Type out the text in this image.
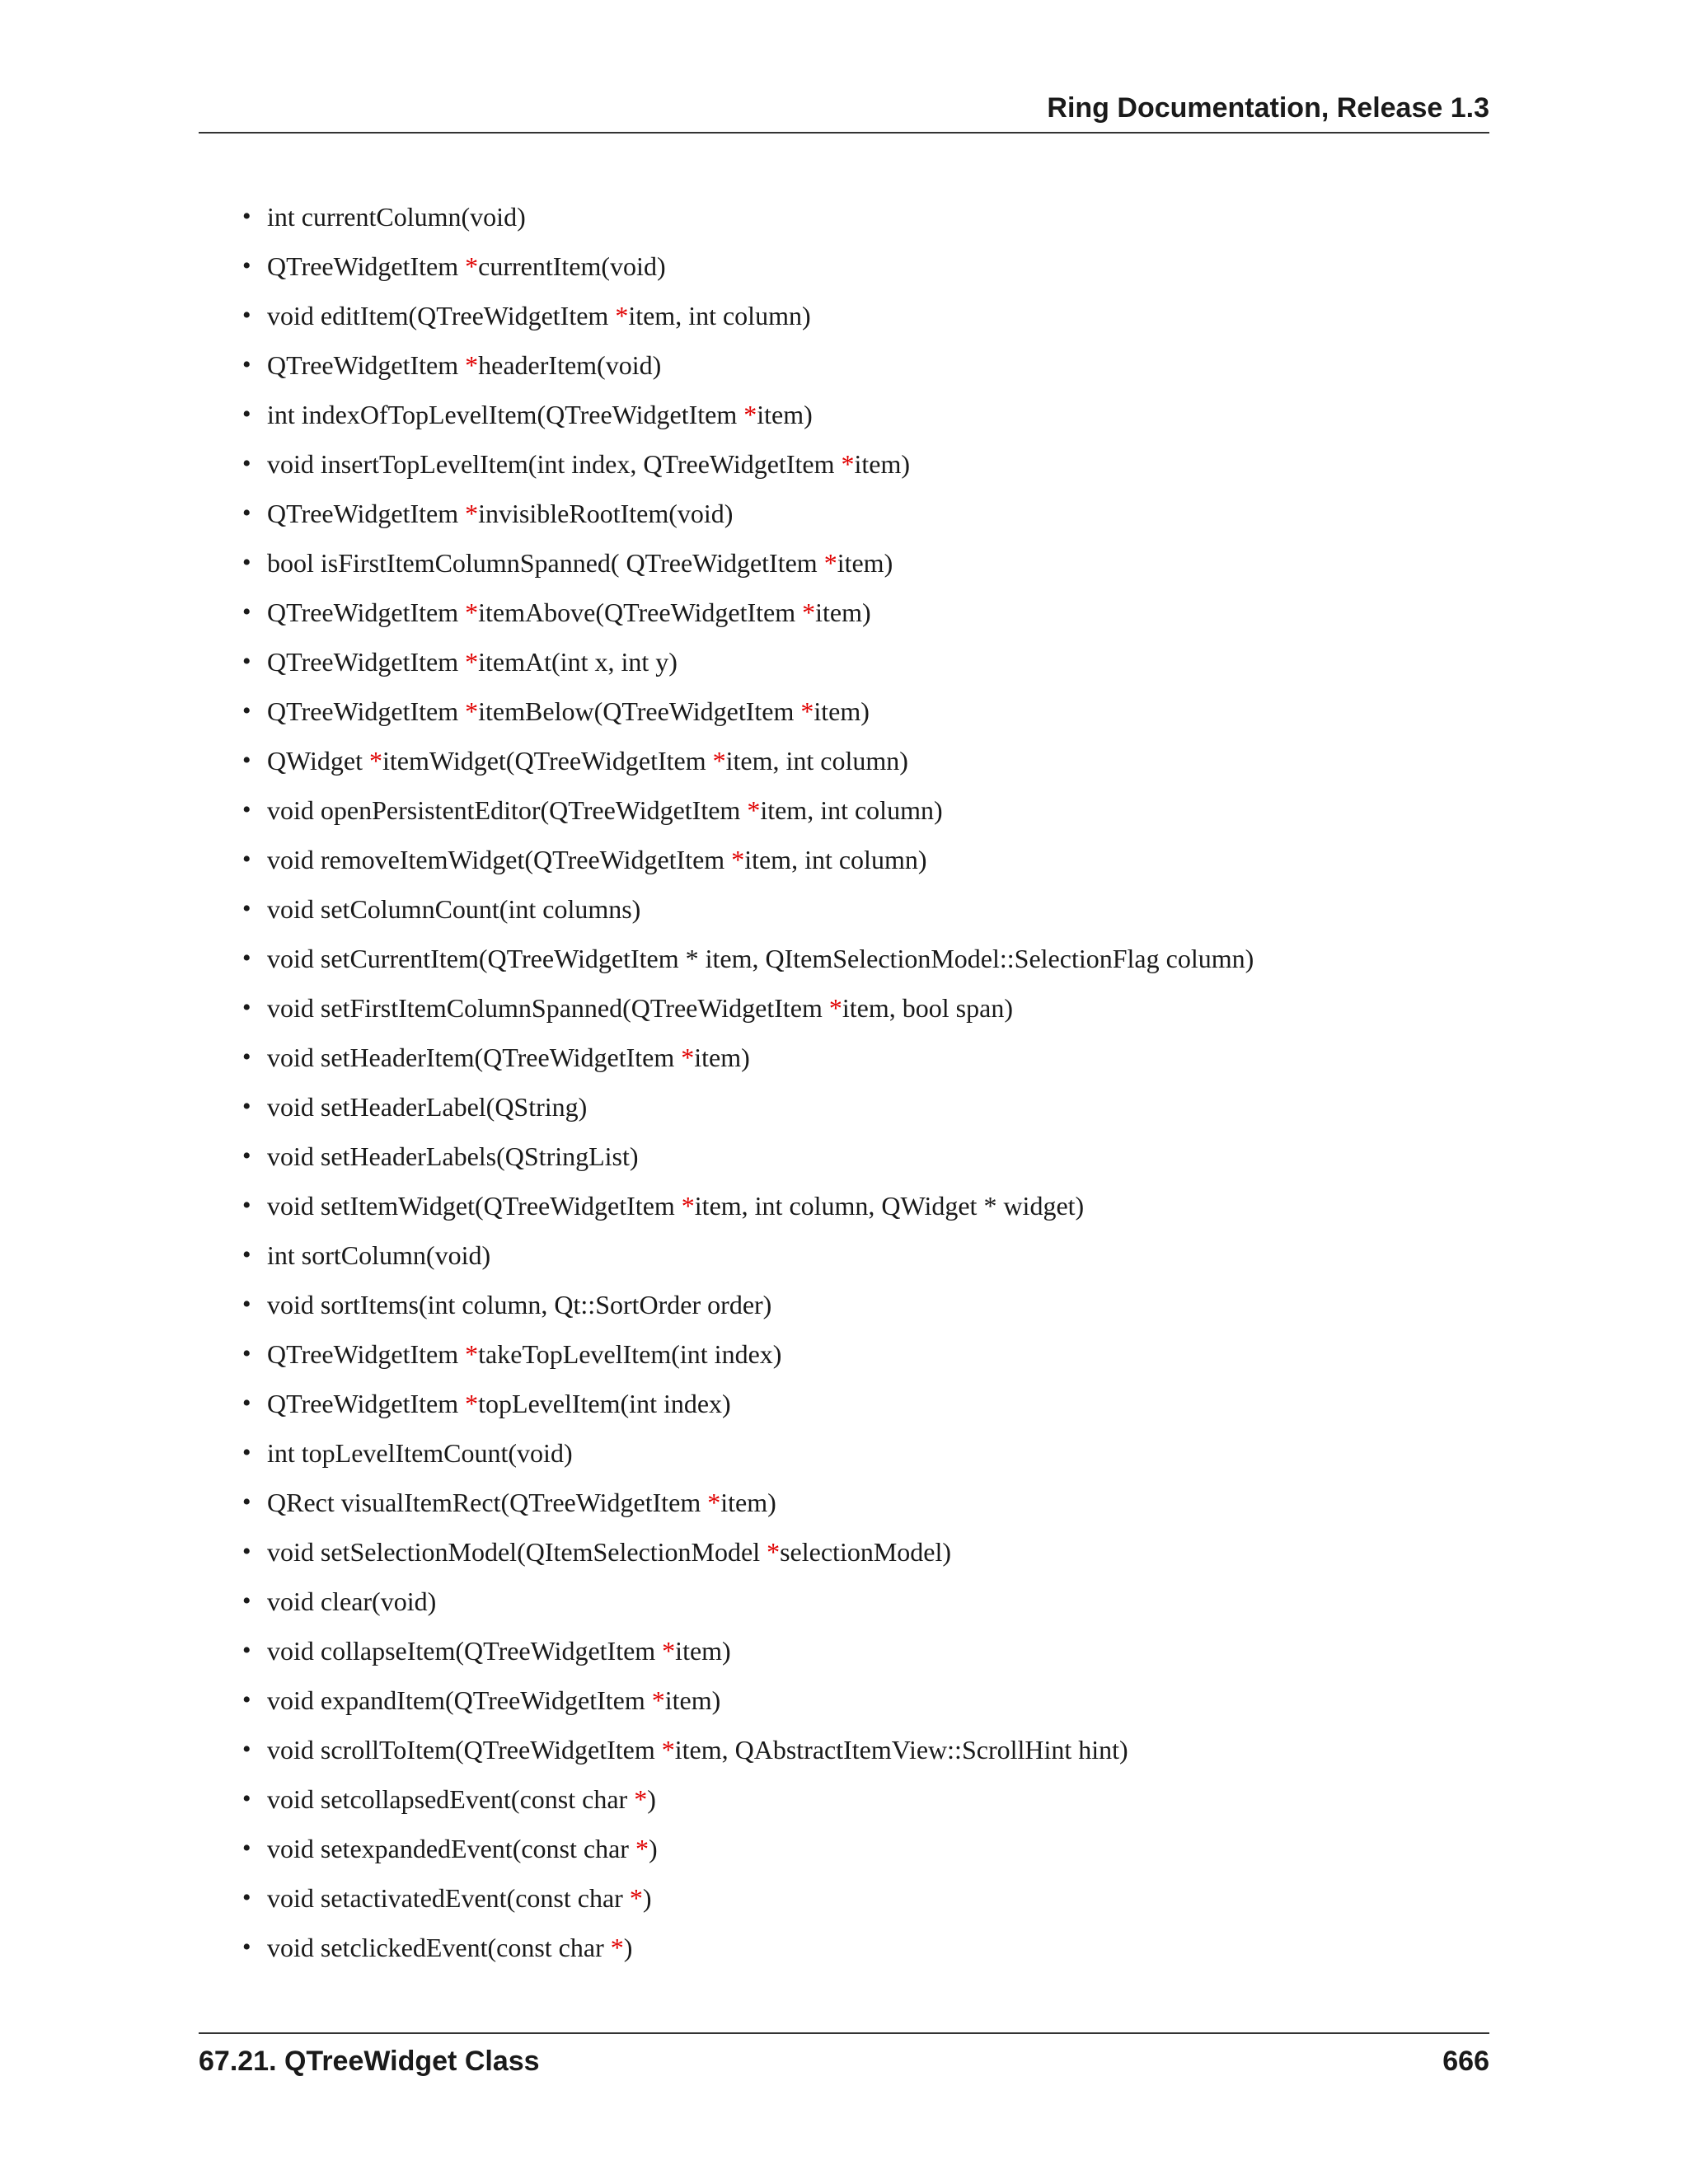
Ring Documentation, Release 1.3
• int currentColumn(void)
• QTreeWidgetItem *currentItem(void)
• void editItem(QTreeWidgetItem *item, int column)
• QTreeWidgetItem *headerItem(void)
• int indexOfTopLevelItem(QTreeWidgetItem *item)
• void insertTopLevelItem(int index, QTreeWidgetItem *item)
• QTreeWidgetItem *invisibleRootItem(void)
• bool isFirstItemColumnSpanned( QTreeWidgetItem *item)
• QTreeWidgetItem *itemAbove(QTreeWidgetItem *item)
• QTreeWidgetItem *itemAt(int x, int y)
• QTreeWidgetItem *itemBelow(QTreeWidgetItem *item)
• QWidget *itemWidget(QTreeWidgetItem *item, int column)
• void openPersistentEditor(QTreeWidgetItem *item, int column)
• void removeItemWidget(QTreeWidgetItem *item, int column)
• void setColumnCount(int columns)
• void setCurrentItem(QTreeWidgetItem * item, QItemSelectionModel::SelectionFlag column)
• void setFirstItemColumnSpanned(QTreeWidgetItem *item, bool span)
• void setHeaderItem(QTreeWidgetItem *item)
• void setHeaderLabel(QString)
• void setHeaderLabels(QStringList)
• void setItemWidget(QTreeWidgetItem *item, int column, QWidget * widget)
• int sortColumn(void)
• void sortItems(int column, Qt::SortOrder order)
• QTreeWidgetItem *takeTopLevelItem(int index)
• QTreeWidgetItem *topLevelItem(int index)
• int topLevelItemCount(void)
• QRect visualItemRect(QTreeWidgetItem *item)
• void setSelectionModel(QItemSelectionModel *selectionModel)
• void clear(void)
• void collapseItem(QTreeWidgetItem *item)
• void expandItem(QTreeWidgetItem *item)
• void scrollToItem(QTreeWidgetItem *item, QAbstractItemView::ScrollHint hint)
• void setcollapsedEvent(const char *)
• void setexpandedEvent(const char *)
• void setactivatedEvent(const char *)
• void setclickedEvent(const char *)
67.21. QTreeWidget Class	666
